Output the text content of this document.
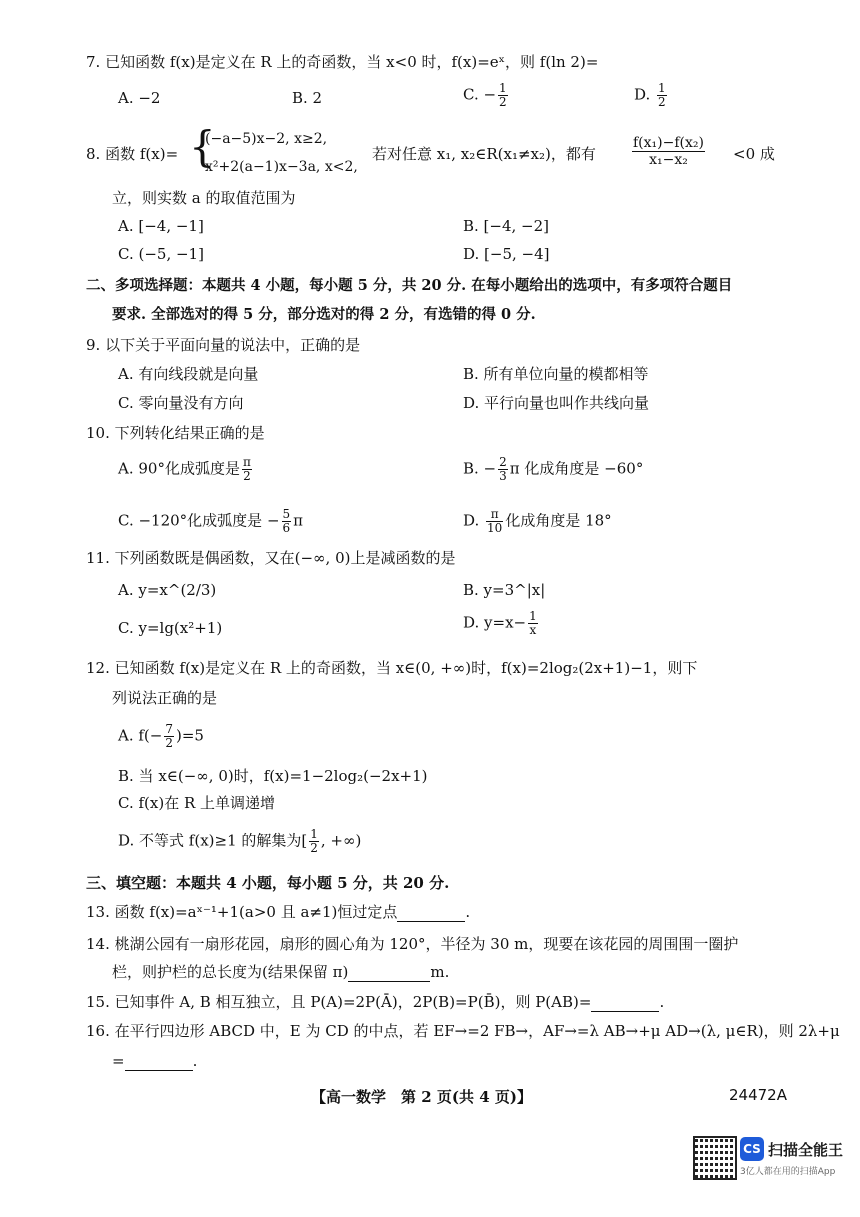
7. 已知函数 f(x)是定义在 R 上的奇函数，当 x<0 时，f(x)=eˣ，则 f(ln 2)=
A. −2	B. 2	C. − $\frac{1}{2}$	D. $\frac{1}{2}$
8. 函数 f(x)= {
(−a−5)x−2, x≥2,
x²+2(a−1)x−3a, x<2,
若对任意 x₁, x₂∈R(x₁≠x₂)，都有	$\frac{\text{f(x₁)−f(x₂)}}{\text{x₁−x₂}} <0$ 成
立，则实数 a 的取值范围为
A. [−4, −1]	B. [−4, −2]
C. (−5, −1]	D. [−5, −4]
二、多项选择题：本题共 4 小题，每小题 5 分，共 20 分. 在每小题给出的选项中，有多项符合题目
要求. 全部选对的得 5 分，部分选对的得 2 分，有选错的得 0 分.
9. 以下关于平面向量的说法中，正确的是
A. 有向线段就是向量	B. 所有单位向量的模都相等
C. 零向量没有方向	D. 平行向量也叫作共线向量
10. 下列转化结果正确的是
A. 90°化成弧度是 $\frac{\pi}{2}$	B. − $\frac{2}{3}$ π 化成角度是 −60°
C. −120°化成弧度是 − $\frac{5}{6}$ π	D. $\frac{\pi}{10}$ 化成角度是 18°
11. 下列函数既是偶函数，又在(−∞, 0)上是减函数的是
A. y=x^(2/3)	B. y=3^|x|
C. y=lg(x²+1)	D. $y=x- \frac{1}{x}$
12. 已知函数 f(x)是定义在 R 上的奇函数，当 x∈(0, +∞)时，f(x)=2log₂(2x+1)−1，则下
列说法正确的是
A. $f(- \frac{7}{2} )=5$
B. 当 x∈(−∞, 0)时，f(x)=1−2log₂(−2x+1)
C. f(x)在 R 上单调递增
D. 不等式 f(x)≥1 的解集为[ $\frac{1}{2}$ , +∞)
三、填空题：本题共 4 小题，每小题 5 分，共 20 分.
13. 函数 f(x)=aˣ⁻¹+1(a>0 且 a≠1)恒过定点	.
14. 桃湖公园有一扇形花园，扇形的圆心角为 120°，半径为 30 m，现要在该花园的周围围一圈护
栏，则护栏的总长度为(结果保留 π)	m.
15. 已知事件 A, B 相互独立，且 P(A)=2P(Ā)，2P(B)=P(B̄)，则 P(AB)=	.
16. 在平行四边形 ABCD 中，E 为 CD 的中点，若 EF→=2 FB→，AF→=λ AB→+μ AD→(λ, μ∈R)，则 2λ+μ
=	.
【高一数学　第 2 页(共 4 页)】	24472A
CS 扫描全能王
3亿人都在用的扫描App
